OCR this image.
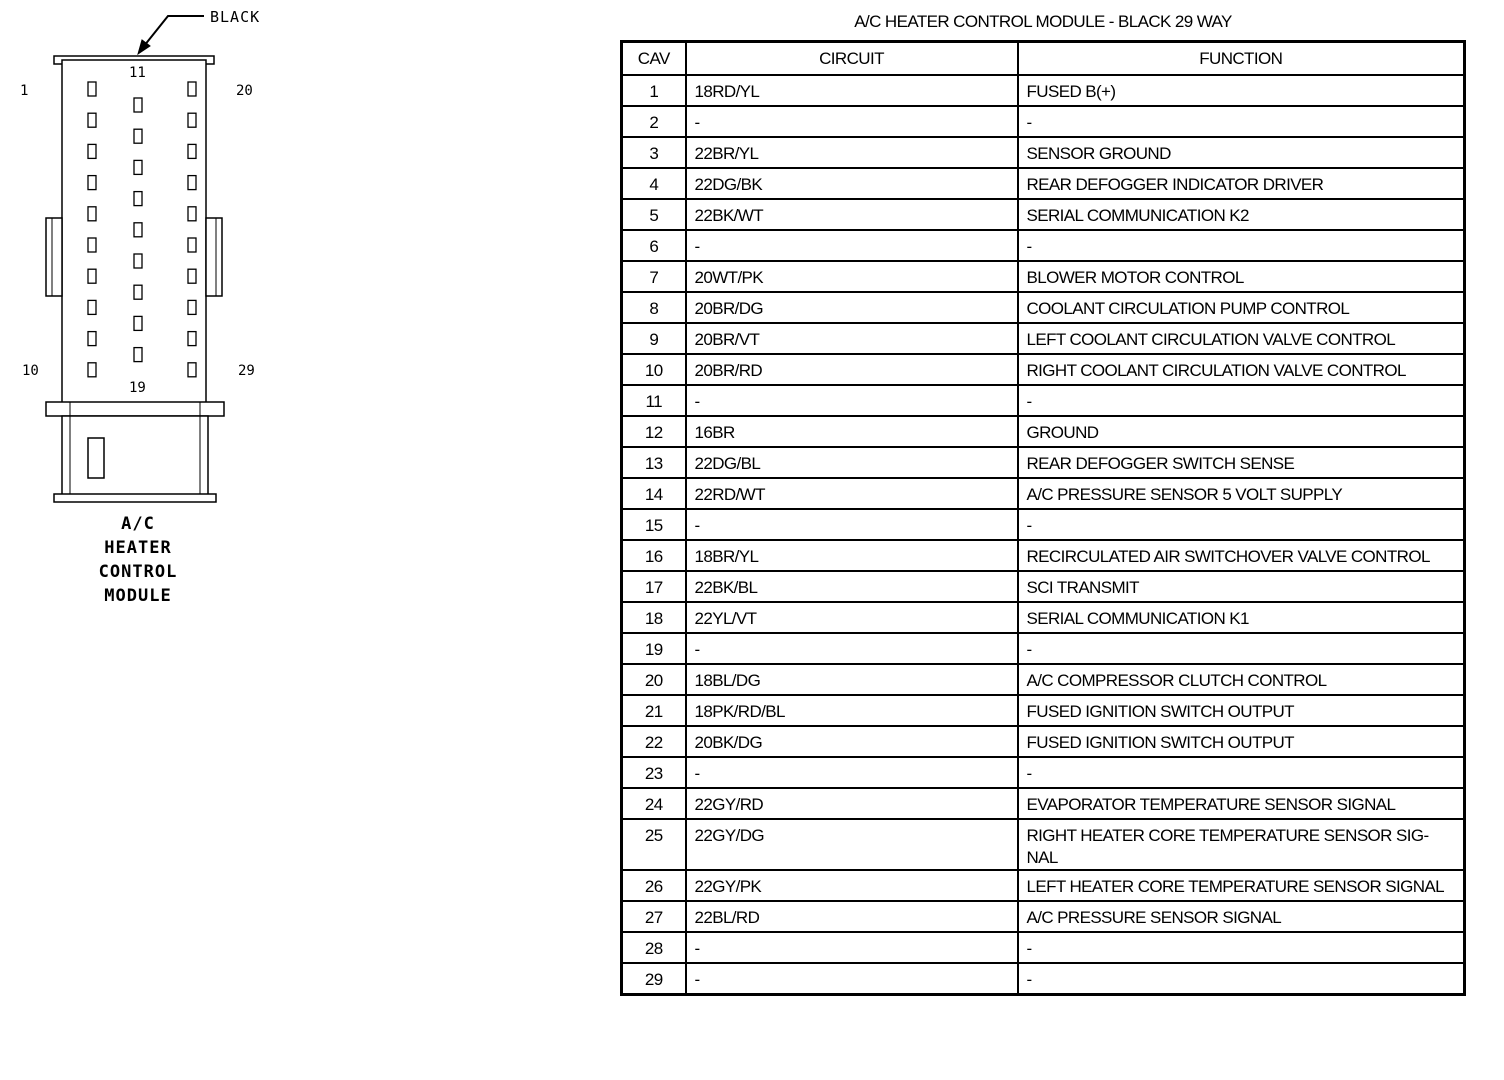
BLACK
1
11
20
10
19
29
A/C
HEATER
CONTROL
MODULE
A/C HEATER CONTROL MODULE - BLACK 29 WAY
CAV	CIRCUIT	FUNCTION
1	18RD/YL	FUSED B(+)
2	-	-
3	22BR/YL	SENSOR GROUND
4	22DG/BK	REAR DEFOGGER INDICATOR DRIVER
5	22BK/WT	SERIAL COMMUNICATION K2
6	-	-
7	20WT/PK	BLOWER MOTOR CONTROL
8	20BR/DG	COOLANT CIRCULATION PUMP CONTROL
9	20BR/VT	LEFT COOLANT CIRCULATION VALVE CONTROL
10	20BR/RD	RIGHT COOLANT CIRCULATION VALVE CONTROL
11	-	-
12	16BR	GROUND
13	22DG/BL	REAR DEFOGGER SWITCH SENSE
14	22RD/WT	A/C PRESSURE SENSOR 5 VOLT SUPPLY
15	-	-
16	18BR/YL	RECIRCULATED AIR SWITCHOVER VALVE CONTROL
17	22BK/BL	SCI TRANSMIT
18	22YL/VT	SERIAL COMMUNICATION K1
19	-	-
20	18BL/DG	A/C COMPRESSOR CLUTCH CONTROL
21	18PK/RD/BL	FUSED IGNITION SWITCH OUTPUT
22	20BK/DG	FUSED IGNITION SWITCH OUTPUT
23	-	-
24	22GY/RD	EVAPORATOR TEMPERATURE SENSOR SIGNAL
25	22GY/DG	RIGHT HEATER CORE TEMPERATURE SENSOR SIG- NAL
26	22GY/PK	LEFT HEATER CORE TEMPERATURE SENSOR SIGNAL
27	22BL/RD	A/C PRESSURE SENSOR SIGNAL
28	-	-
29	-	-
